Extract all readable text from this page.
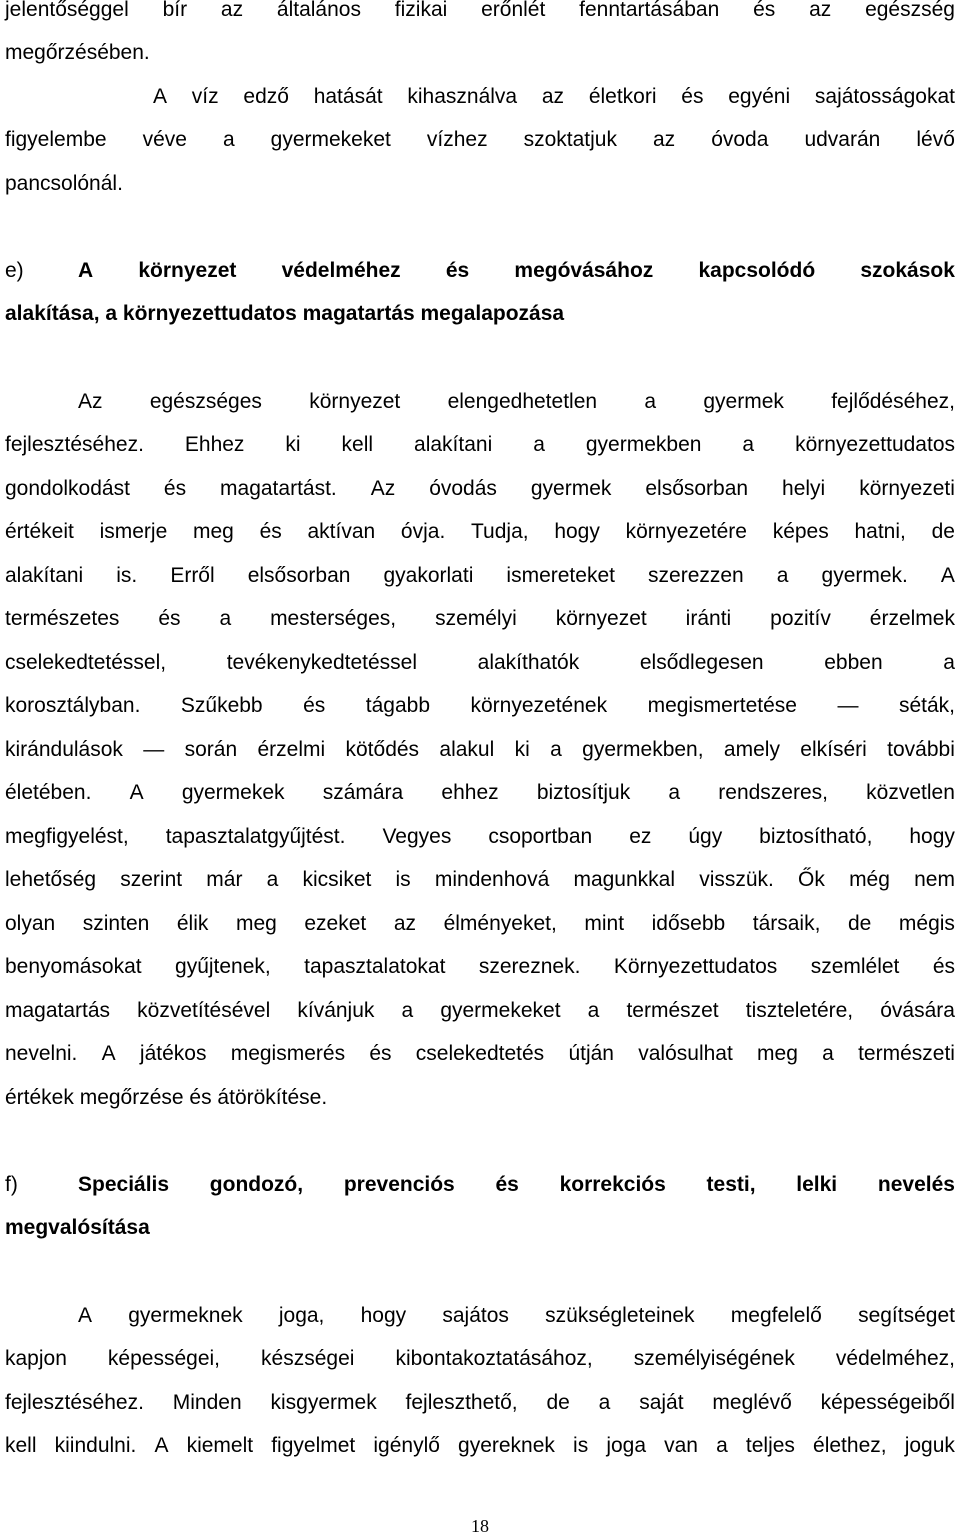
jelentőséggel bír az általános fizikai erőnlét fenntartásában és az egészség
megőrzésében.
A víz edző hatását kihasználva az életkori és egyéni sajátosságokat
figyelembe véve a gyermekeket vízhez szoktatjuk az óvoda udvarán lévő
pancsolónál.
e)	A környezet védelméhez és megóvásához kapcsolódó szokások
alakítása, a környezettudatos magatartás megalapozása
Az egészséges környezet elengedhetetlen a gyermek fejlődéséhez,
fejlesztéséhez. Ehhez ki kell alakítani a gyermekben a környezettudatos
gondolkodást és magatartást. Az óvodás gyermek elsősorban helyi környezeti
értékeit ismerje meg és aktívan óvja. Tudja, hogy környezetére képes hatni, de
alakítani is. Erről elsősorban gyakorlati ismereteket szerezzen a gyermek. A
természetes és a mesterséges, személyi környezet iránti pozitív érzelmek
cselekedtetéssel,	tevékenykedtetéssel	alakíthatók	elsődlegesen	ebben	a
korosztályban. Szűkebb és tágabb környezetének megismertetése — séták,
kirándulások — során érzelmi kötődés alakul ki a gyermekben, amely elkíséri további
életében. A gyermekek számára ehhez biztosítjuk a rendszeres, közvetlen
megfigyelést, tapasztalatgyűjtést. Vegyes csoportban ez úgy biztosítható, hogy
lehetőség szerint már a kicsiket is mindenhová magunkkal visszük. Ők még nem
olyan szinten élik meg ezeket az élményeket, mint idősebb társaik, de mégis
benyomásokat gyűjtenek, tapasztalatokat szereznek. Környezettudatos szemlélet és
magatartás közvetítésével kívánjuk a gyermekeket a természet tiszteletére, óvására
nevelni. A játékos megismerés és cselekedtetés útján valósulhat meg a természeti
értékek megőrzése és átörökítése.
f)	Speciális gondozó, prevenciós és korrekciós testi, lelki nevelés
megvalósítása
A gyermeknek joga, hogy sajátos szükségleteinek megfelelő segítséget
kapjon képességei, készségei kibontakoztatásához, személyiségének védelméhez,
fejlesztéséhez. Minden kisgyermek fejleszthető, de a saját meglévő képességeiből
kell kiindulni. A kiemelt figyelmet igénylő gyereknek is joga van a teljes élethez, joguk
18
